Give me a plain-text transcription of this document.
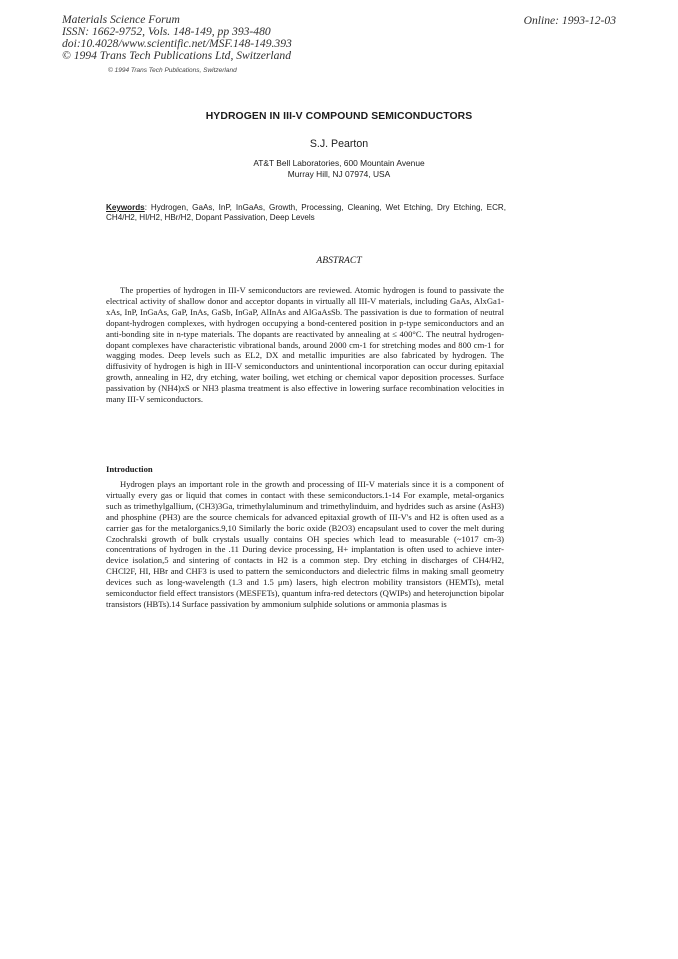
Materials Science Forum
ISSN: 1662-9752, Vols. 148-149, pp 393-480
doi:10.4028/www.scientific.net/MSF.148-149.393
© 1994 Trans Tech Publications Ltd, Switzerland
Online: 1993-12-03
© 1994 Trans Tech Publications, Switzerland
HYDROGEN IN III-V COMPOUND SEMICONDUCTORS
S.J. Pearton
AT&T Bell Laboratories, 600 Mountain Avenue
Murray Hill, NJ 07974, USA
Keywords: Hydrogen, GaAs, InP, InGaAs, Growth, Processing, Cleaning, Wet Etching, Dry Etching, ECR, CH4/H2, HI/H2, HBr/H2, Dopant Passivation, Deep Levels
ABSTRACT

The properties of hydrogen in III-V semiconductors are reviewed. Atomic hydrogen is found to passivate the electrical activity of shallow donor and acceptor dopants in virtually all III-V materials, including GaAs, AlxGa1-xAs, InP, InGaAs, GaP, InAs, GaSb, InGaP, AlInAs and AlGaAsSb. The passivation is due to formation of neutral dopant-hydrogen complexes, with hydrogen occupying a bond-centered position in p-type semiconductors and an anti-bonding site in n-type materials. The dopants are reactivated by annealing at ≤ 400°C. The neutral hydrogen-dopant complexes have characteristic vibrational bands, around 2000 cm-1 for stretching modes and 800 cm-1 for wagging modes. Deep levels such as EL2, DX and metallic impurities are also fabricated by hydrogen. The diffusivity of hydrogen is high in III-V semiconductors and unintentional incorporation can occur during epitaxial growth, annealing in H2, dry etching, water boiling, wet etching or chemical vapor deposition processes. Surface passivation by (NH4)xS or NH3 plasma treatment is also effective in lowering surface recombination velocities in many III-V semiconductors.

Introduction

Hydrogen plays an important role in the growth and processing of III-V materials since it is a component of virtually every gas or liquid that comes in contact with these semiconductors.1-14 For example, metal-organics such as trimethylgallium, (CH3)3Ga, trimethylaluminum and trimethylinduim, and hydrides such as arsine (AsH3) and phosphine (PH3) are the source chemicals for advanced epitaxial growth of III-V's and H2 is often used as a carrier gas for the metalorganics.9,10 Similarly the boric oxide (B2O3) encapsulant used to cover the melt during Czochralski growth of bulk crystals usually contains OH species which lead to measurable (~1017 cm-3) concentrations of hydrogen in the .11 During device processing, H+ implantation is often used to achieve inter-device isolation,5 and sintering of contacts in H2 is a common step. Dry etching in discharges of CH4/H2, CHCl2F, HI, HBr and CHF3 is used to pattern the semiconductors and dielectric films in making small geometry devices such as long-wavelength (1.3 and 1.5 μm) lasers, high electron mobility transistors (HEMTs), metal semiconductor field effect transistors (MESFETs), quantum infra-red detectors (QWIPs) and heterojunction bipolar transistors (HBTs).14 Surface passivation by ammonium sulphide solutions or ammonia plasmas is
